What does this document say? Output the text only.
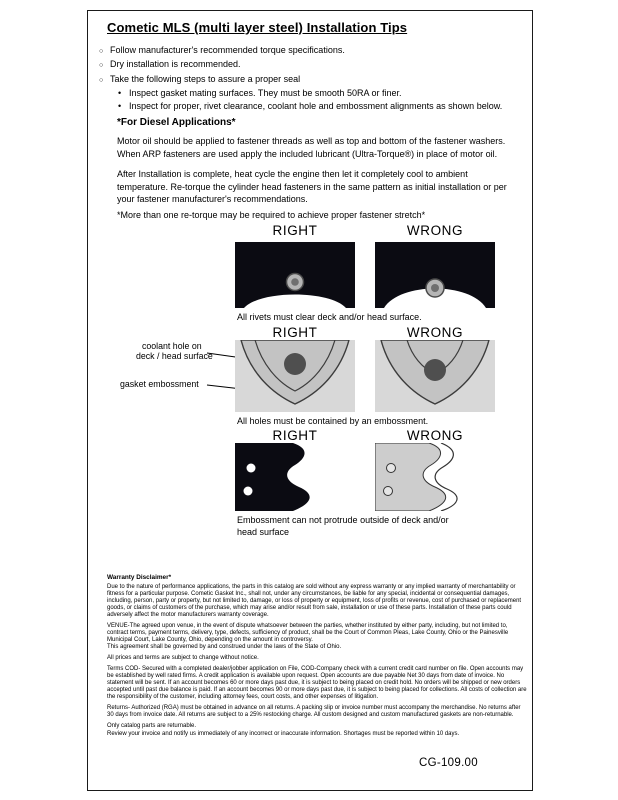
Cometic MLS (multi layer steel) Installation Tips
○ Follow manufacturer's recommended torque specifications.
○ Dry installation is recommended.
○ Take the following steps to assure a proper seal
• Inspect gasket mating surfaces. They must be smooth 50RA or finer.
• Inspect for proper, rivet clearance, coolant hole and embossment alignments as shown below.
*For Diesel Applications*
Motor oil should be applied to fastener threads as well as top and bottom of the fastener washers. When ARP fasteners are used apply the included lubricant (Ultra-Torque®) in place of motor oil.
After Installation is complete, heat cycle the engine then let it completely cool to ambient temperature. Re-torque the cylinder head fasteners in the same pattern as initial installation or per your fastener manufacturer's recommendations.
*More than one re-torque may be required to achieve proper fastener stretch*
RIGHT	WRONG
All rivets must clear deck and/or head surface.
coolant hole on
deck / head surface
gasket embossment
RIGHT	WRONG
All holes must be contained by an embossment.
RIGHT	WRONG
Embossment can not protrude outside of deck and/or head surface
Warranty Disclaimer*

Due to the nature of performance applications, the parts in this catalog are sold without any express warranty or any implied warranty of merchantability or fitness for a particular purpose. Cometic Gasket Inc., shall not, under any circumstances, be liable for any special, incidental or consequential damages, including, person, party or property, but not limited to, damage, or loss of property or equipment, loss of profits or revenue, cost of purchased or replacement goods, or claims of customers of the purchase, which may arise and/or result from sale, installation or use of these parts. Installation of these parts could adversely affect the motor manufacturers warranty coverage.

VENUE-The agreed upon venue, in the event of dispute whatsoever between the parties, whether instituted by either party, including, but not limited to, contract terms, payment terms, delivery, type, defects, sufficiency of product, shall be the Court of Common Pleas, Lake County, Ohio or the Painesville Municipal Court, Lake County, Ohio, depending on the amount in controversy.

This agreement shall be governed by and construed under the laws of the State of Ohio.

All prices and terms are subject to change without notice.

Terms COD- Secured with a completed dealer/jobber application on File, COD-Company check with a current credit card number on file. Open accounts may be established by well rated firms. A credit application is available upon request. Open accounts are due payable Net 30 days from date of invoice. No statement will be sent. If an account becomes 60 or more days past due, it is subject to being placed on credit hold. No orders will be shipped or new orders accepted until past due balance is paid. If an account becomes 90 or more days past due, it is subject to being placed for collections. All costs of collection are the responsibility of the customer, including attorney fees, court costs, and other expenses of litigation.

Returns- Authorized (RGA) must be obtained in advance on all returns. A packing slip or invoice number must accompany the merchandise. No returns after 30 days from invoice date. All returns are subject to a 25% restocking charge. All custom designed and custom manufactured gaskets are non-returnable.

Only catalog parts are returnable.

Review your invoice and notify us immediately of any incorrect or inaccurate information. Shortages must be reported within 10 days.

CG-109.00
